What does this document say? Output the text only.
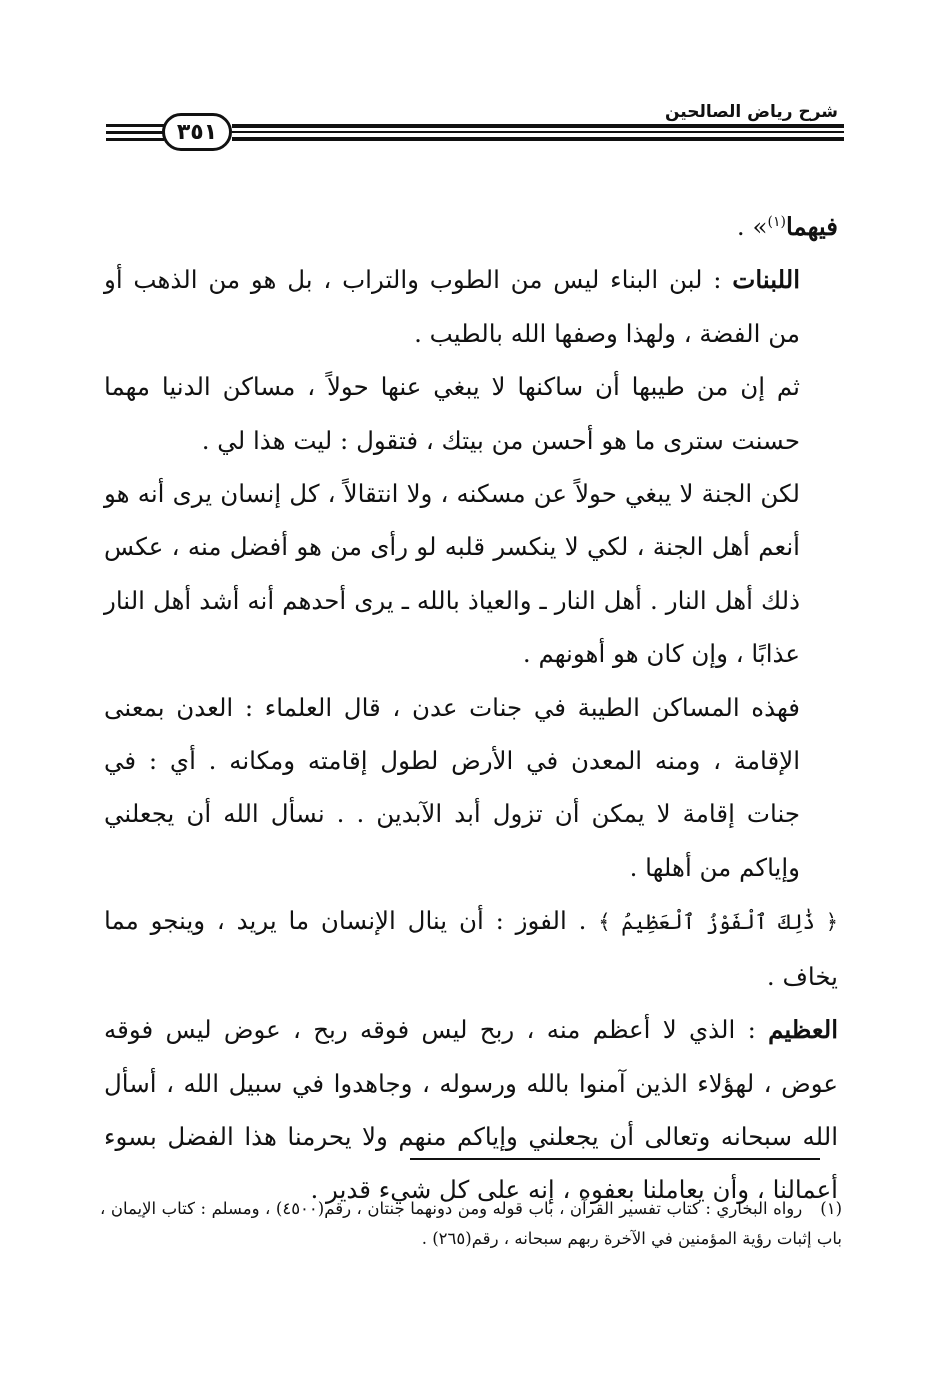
شرح رياض الصالحين
٣٥١

فيهما$^{(١)}$» .

اللبنات : لبن البناء ليس من الطوب والتراب ، بل هو من الذهب أو من الفضة ، ولهذا وصفها الله بالطيب .

ثم إن من طيبها أن ساكنها لا يبغي عنها حولاً ، مساكن الدنيا مهما حسنت سترى ما هو أحسن من بيتك ، فتقول : ليت هذا لي .

لكن الجنة لا يبغي حولاً عن مسكنه ، ولا انتقالاً ، كل إنسان يرى أنه هو أنعم أهل الجنة ، لكي لا ينكسر قلبه لو رأى من هو أفضل منه ، عكس ذلك أهل النار . أهل النار ـ والعياذ بالله ـ يرى أحدهم أنه أشد أهل النار عذابًا ، وإن كان هو أهونهم .

فهذه المساكن الطيبة في جنات عدن ، قال العلماء : العدن بمعنى الإقامة ، ومنه المعدن في الأرض لطول إقامته ومكانه . أي : في جنات إقامة لا يمكن أن تزول أبد الآبدين . . نسأل الله أن يجعلني وإياكم من أهلها .

﴿ ذَٰلِكَ ٱلْفَوْزُ ٱلْعَظِيمُ ﴾ . الفوز : أن ينال الإنسان ما يريد ، وينجو مما يخاف .

العظيم : الذي لا أعظم منه ، ربح ليس فوقه ربح ، عوض ليس فوقه عوض ، لهؤلاء الذين آمنوا بالله ورسوله ، وجاهدوا في سبيل الله ، أسأل الله سبحانه وتعالى أن يجعلني وإياكم منهم ولا يحرمنا هذا الفضل بسوء أعمالنا ، وأن يعاملنا بعفوه ، إنه على كل شيء قدير .

(١)رواه البخاري : كتاب تفسير القرآن ، باب قوله ومن دونهما جنتان ، رقم(٤٥٠٠) ، ومسلم : كتاب الإيمان ، باب إثبات رؤية المؤمنين في الآخرة ربهم سبحانه ، رقم(٢٦٥) .
